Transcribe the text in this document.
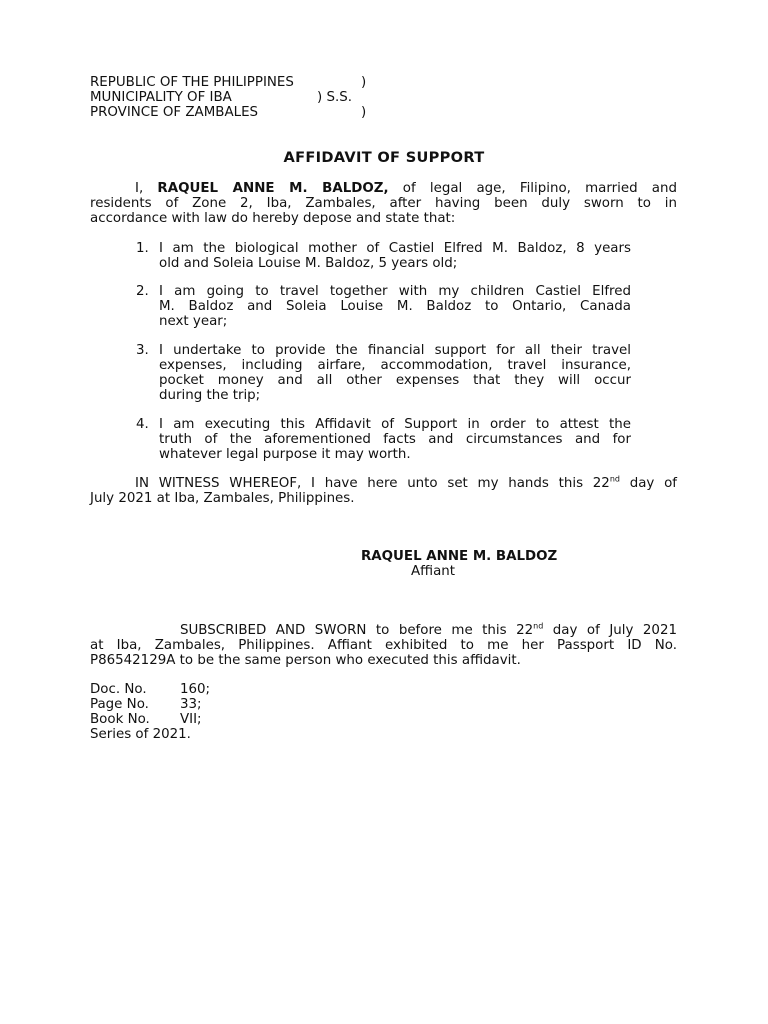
REPUBLIC OF THE PHILIPPINES	)
MUNICIPALITY OF IBA	) S.S.
PROVINCE OF ZAMBALES	)
AFFIDAVIT OF SUPPORT
I, RAQUEL ANNE M. BALDOZ, of legal age, Filipino, married and
residents of Zone 2, Iba, Zambales, after having been duly sworn to in
accordance with law do hereby depose and state that:
1. I am the biological mother of Castiel Elfred M. Baldoz, 8 years
old and Soleia Louise M. Baldoz, 5 years old;
2. I am going to travel together with my children Castiel Elfred
M. Baldoz and Soleia Louise M. Baldoz to Ontario, Canada
next year;
3. I undertake to provide the financial support for all their travel
expenses, including airfare, accommodation, travel insurance,
pocket money and all other expenses that they will occur
during the trip;
4. I am executing this Affidavit of Support in order to attest the
truth of the aforementioned facts and circumstances and for
whatever legal purpose it may worth.
IN WITNESS WHEREOF, I have here unto set my hands this 22nd day of
July 2021 at Iba, Zambales, Philippines.
RAQUEL ANNE M. BALDOZ
Affiant
SUBSCRIBED AND SWORN to before me this 22nd day of July 2021
at Iba, Zambales, Philippines. Affiant exhibited to me her Passport ID No.
P86542129A to be the same person who executed this affidavit.
Doc. No. 160;
Page No. 33;
Book No. VII;
Series of 2021.
